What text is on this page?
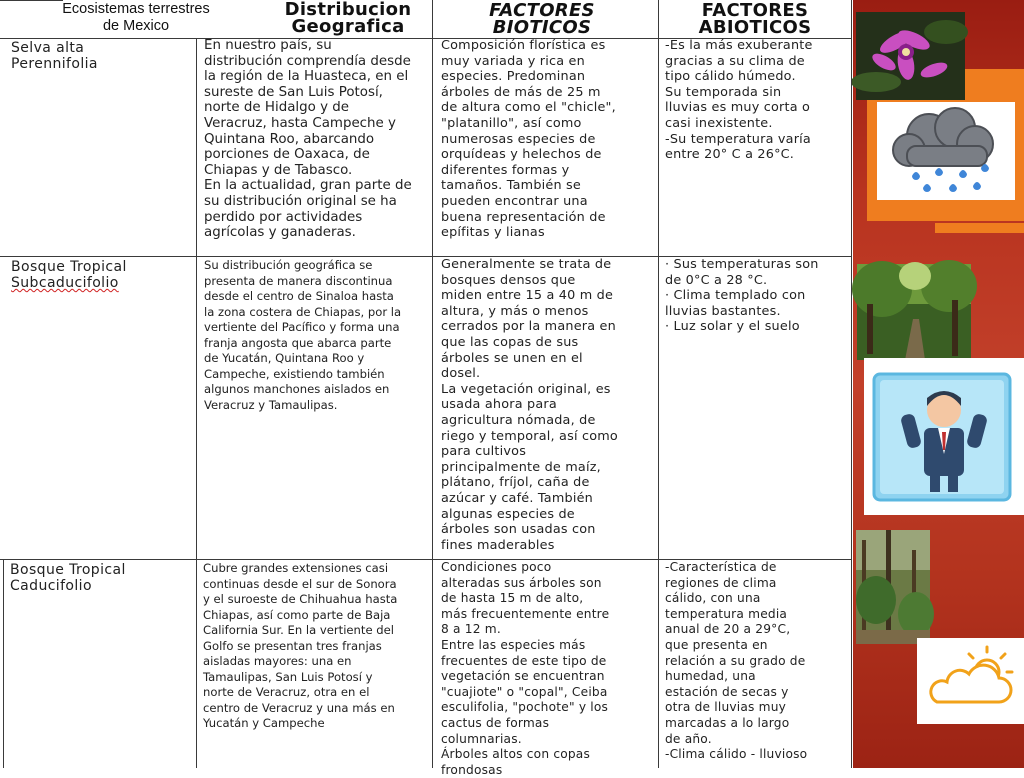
Ecosistemas terrestres
de Mexico
Distribucion
Geografica
FACTORES
BIOTICOS
FACTORES
ABIOTICOS
Selva alta
Perennifolia
En nuestro país, su
distribución comprendía desde
la región de la Huasteca, en el
sureste de San Luis Potosí,
norte de Hidalgo y de
Veracruz, hasta Campeche y
Quintana Roo, abarcando
porciones de Oaxaca, de
Chiapas y de Tabasco.
En la actualidad, gran parte de
su distribución original se ha
perdido por actividades
agrícolas y ganaderas.
Composición florística es
muy variada y rica en
especies. Predominan
árboles de más de 25 m
de altura como el "chicle",
"platanillo", así como
numerosas especies de
orquídeas y helechos de
diferentes formas y
tamaños. También se
pueden encontrar una
buena representación de
epífitas y lianas
-Es la más exuberante
gracias a su clima de
tipo cálido húmedo.
Su temporada sin
lluvias es muy corta o
casi inexistente.
-Su temperatura varía
entre 20° C a 26°C.
Bosque Tropical
Subcaducifolio
Su distribución geográfica se
presenta de manera discontinua
desde el centro de Sinaloa hasta
la zona costera de Chiapas, por la
vertiente del Pacífico y forma una
franja angosta que abarca parte
de Yucatán, Quintana Roo y
Campeche, existiendo también
algunos manchones aislados en
Veracruz y Tamaulipas.
Generalmente se trata de
bosques densos que
miden entre 15 a 40 m de
altura, y más o menos
cerrados por la manera en
que las copas de sus
árboles se unen en el
dosel.
La vegetación original, es
usada ahora para
agricultura nómada, de
riego y temporal, así como
para cultivos
principalmente de maíz,
plátano, fríjol, caña de
azúcar y café. También
algunas especies de
árboles son usadas con
fines maderables
· Sus temperaturas son
de 0°C a 28 °C.
· Clima templado con
lluvias bastantes.
· Luz solar y el suelo
Bosque Tropical
Caducifolio
Cubre grandes extensiones casi
continuas desde el sur de Sonora
y el suroeste de Chihuahua hasta
Chiapas, así como parte de Baja
California Sur. En la vertiente del
Golfo se presentan tres franjas
aisladas mayores: una en
Tamaulipas, San Luis Potosí y
norte de Veracruz, otra en el
centro de Veracruz y una más en
Yucatán y Campeche
Condiciones poco
alteradas sus árboles son
de hasta 15 m de alto,
más frecuentemente entre
8 a 12 m.
Entre las especies más
frecuentes de este tipo de
vegetación se encuentran
"cuajiote" o "copal", Ceiba
esculifolia, "pochote" y los
cactus de formas
columnarias.
Árboles altos con copas
frondosas
-Característica de
regiones de clima
cálido, con una
temperatura media
anual de 20 a 29°C,
que presenta en
relación a su grado de
humedad, una
estación de secas y
otra de lluvias muy
marcadas a lo largo
de año.
-Clima cálido - lluvioso
